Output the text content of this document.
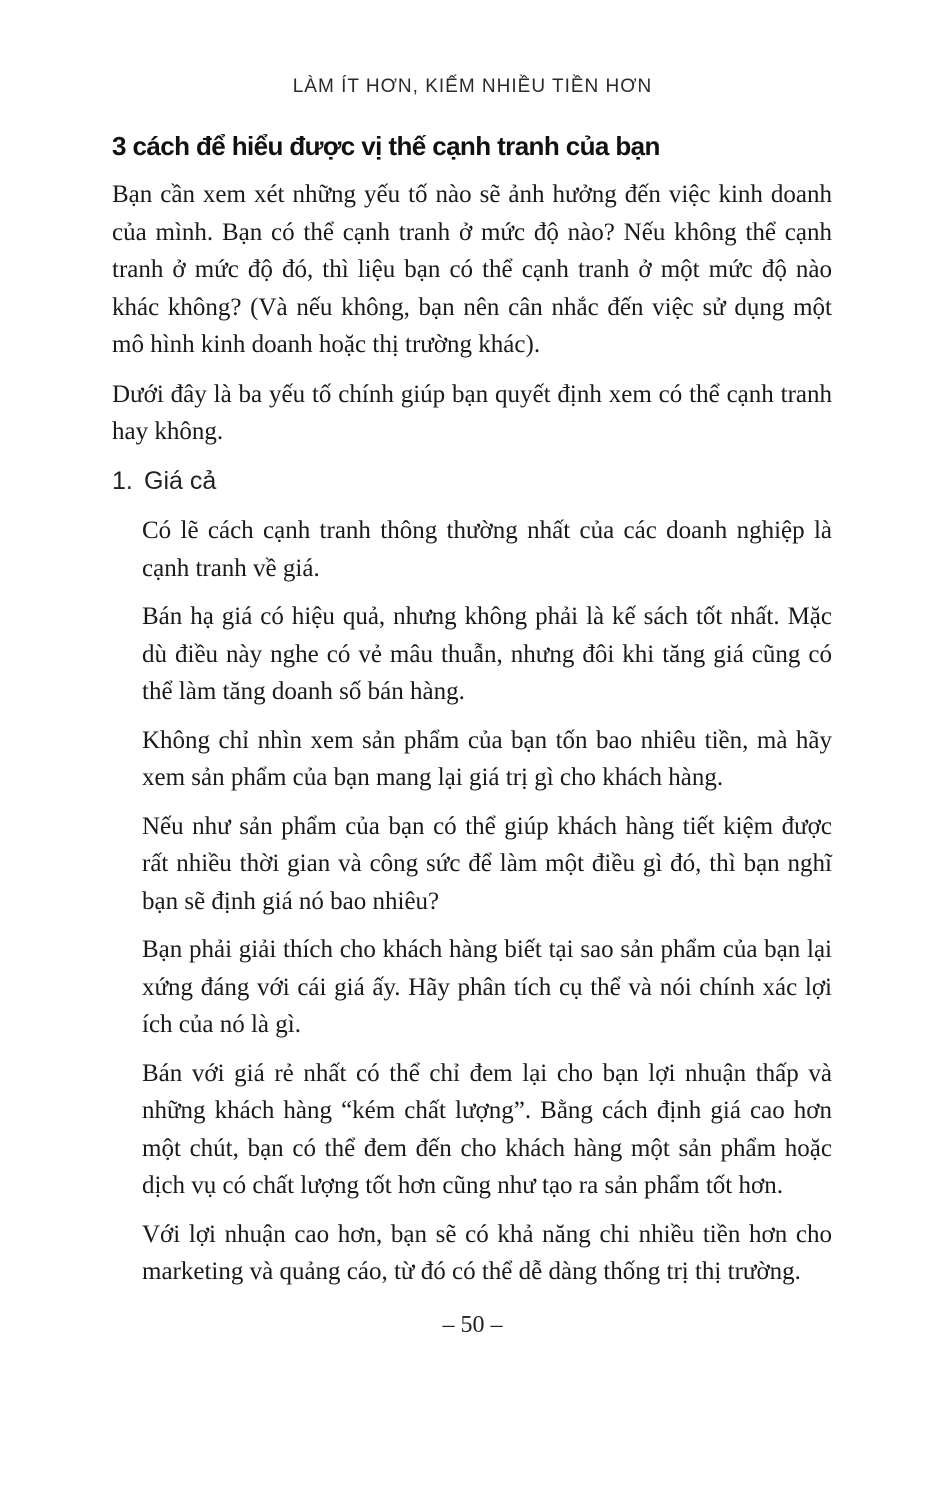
LÀM ÍT HƠN, KIẾM NHIỀU TIỀN HƠN
3 cách để hiểu được vị thế cạnh tranh của bạn

Bạn cần xem xét những yếu tố nào sẽ ảnh hưởng đến việc kinh doanh của mình. Bạn có thể cạnh tranh ở mức độ nào? Nếu không thể cạnh tranh ở mức độ đó, thì liệu bạn có thể cạnh tranh ở một mức độ nào khác không? (Và nếu không, bạn nên cân nhắc đến việc sử dụng một mô hình kinh doanh hoặc thị trường khác).

Dưới đây là ba yếu tố chính giúp bạn quyết định xem có thể cạnh tranh hay không.

1. Giá cả

Có lẽ cách cạnh tranh thông thường nhất của các doanh nghiệp là cạnh tranh về giá.

Bán hạ giá có hiệu quả, nhưng không phải là kế sách tốt nhất. Mặc dù điều này nghe có vẻ mâu thuẫn, nhưng đôi khi tăng giá cũng có thể làm tăng doanh số bán hàng.

Không chỉ nhìn xem sản phẩm của bạn tốn bao nhiêu tiền, mà hãy xem sản phẩm của bạn mang lại giá trị gì cho khách hàng.

Nếu như sản phẩm của bạn có thể giúp khách hàng tiết kiệm được rất nhiều thời gian và công sức để làm một điều gì đó, thì bạn nghĩ bạn sẽ định giá nó bao nhiêu?

Bạn phải giải thích cho khách hàng biết tại sao sản phẩm của bạn lại xứng đáng với cái giá ấy. Hãy phân tích cụ thể và nói chính xác lợi ích của nó là gì.

Bán với giá rẻ nhất có thể chỉ đem lại cho bạn lợi nhuận thấp và những khách hàng “kém chất lượng”. Bằng cách định giá cao hơn một chút, bạn có thể đem đến cho khách hàng một sản phẩm hoặc dịch vụ có chất lượng tốt hơn cũng như tạo ra sản phẩm tốt hơn.

Với lợi nhuận cao hơn, bạn sẽ có khả năng chi nhiều tiền hơn cho marketing và quảng cáo, từ đó có thể dễ dàng thống trị thị trường.

– 50 –
